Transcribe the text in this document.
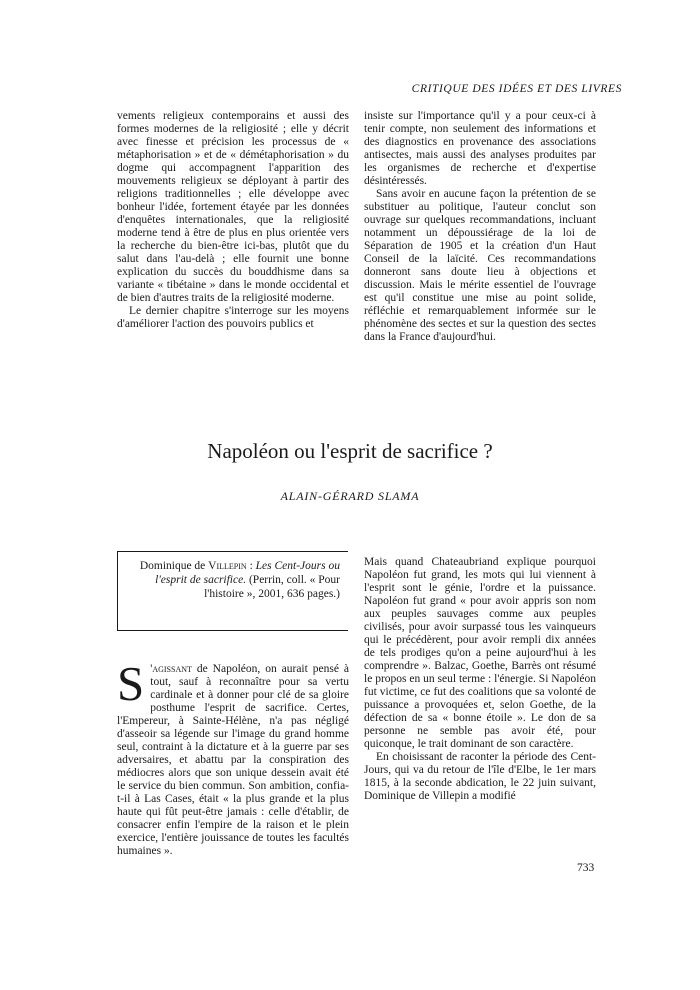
CRITIQUE DES IDÉES ET DES LIVRES

vements religieux contemporains et aussi des formes modernes de la religiosité ; elle y décrit avec finesse et précision les processus de « métaphorisation » et de « démétaphorisation » du dogme qui accompagnent l'apparition des mouvements religieux se déployant à partir des religions traditionnelles ; elle développe avec bonheur l'idée, fortement étayée par les données d'enquêtes internationales, que la religiosité moderne tend à être de plus en plus orientée vers la recherche du bien-être ici-bas, plutôt que du salut dans l'au-delà ; elle fournit une bonne explication du succès du bouddhisme dans sa variante « tibétaine » dans le monde occidental et de bien d'autres traits de la religiosité moderne.

Le dernier chapitre s'interroge sur les moyens d'améliorer l'action des pouvoirs publics et

insiste sur l'importance qu'il y a pour ceux-ci à tenir compte, non seulement des informations et des diagnostics en provenance des associations antisectes, mais aussi des analyses produites par les organismes de recherche et d'expertise désintéressés.

Sans avoir en aucune façon la prétention de se substituer au politique, l'auteur conclut son ouvrage sur quelques recommandations, incluant notamment un dépoussiérage de la loi de Séparation de 1905 et la création d'un Haut Conseil de la laïcité. Ces recommandations donneront sans doute lieu à objections et discussion. Mais le mérite essentiel de l'ouvrage est qu'il constitue une mise au point solide, réfléchie et remarquablement informée sur le phénomène des sectes et sur la question des sectes dans la France d'aujourd'hui.

Napoléon ou l'esprit de sacrifice ?
ALAIN-GÉRARD SLAMA
Dominique de Villepin : Les Cent-Jours ou l'esprit de sacrifice. (Perrin, coll. « Pour l'histoire », 2001, 636 pages.)

S 'agissant de Napoléon, on aurait pensé à tout, sauf à reconnaître pour sa vertu cardinale et à donner pour clé de sa gloire posthume l'esprit de sacrifice. Certes, l'Empereur, à Sainte-Hélène, n'a pas négligé d'asseoir sa légende sur l'image du grand homme seul, contraint à la dictature et à la guerre par ses adversaires, et abattu par la conspiration des médiocres alors que son unique dessein avait été le service du bien commun. Son ambition, confia-t-il à Las Cases, était « la plus grande et la plus haute qui fût peut-être jamais : celle d'établir, de consacrer enfin l'empire de la raison et le plein exercice, l'entière jouissance de toutes les facultés humaines ».

Mais quand Chateaubriand explique pourquoi Napoléon fut grand, les mots qui lui viennent à l'esprit sont le génie, l'ordre et la puissance. Napoléon fut grand « pour avoir appris son nom aux peuples sauvages comme aux peuples civilisés, pour avoir surpassé tous les vainqueurs qui le précédèrent, pour avoir rempli dix années de tels prodiges qu'on a peine aujourd'hui à les comprendre ». Balzac, Goethe, Barrès ont résumé le propos en un seul terme : l'énergie. Si Napoléon fut victime, ce fut des coalitions que sa volonté de puissance a provoquées et, selon Goethe, de la défection de sa « bonne étoile ». Le don de sa personne ne semble pas avoir été, pour quiconque, le trait dominant de son caractère.

En choisissant de raconter la période des Cent-Jours, qui va du retour de l'île d'Elbe, le 1er mars 1815, à la seconde abdication, le 22 juin suivant, Dominique de Villepin a modifié

733
